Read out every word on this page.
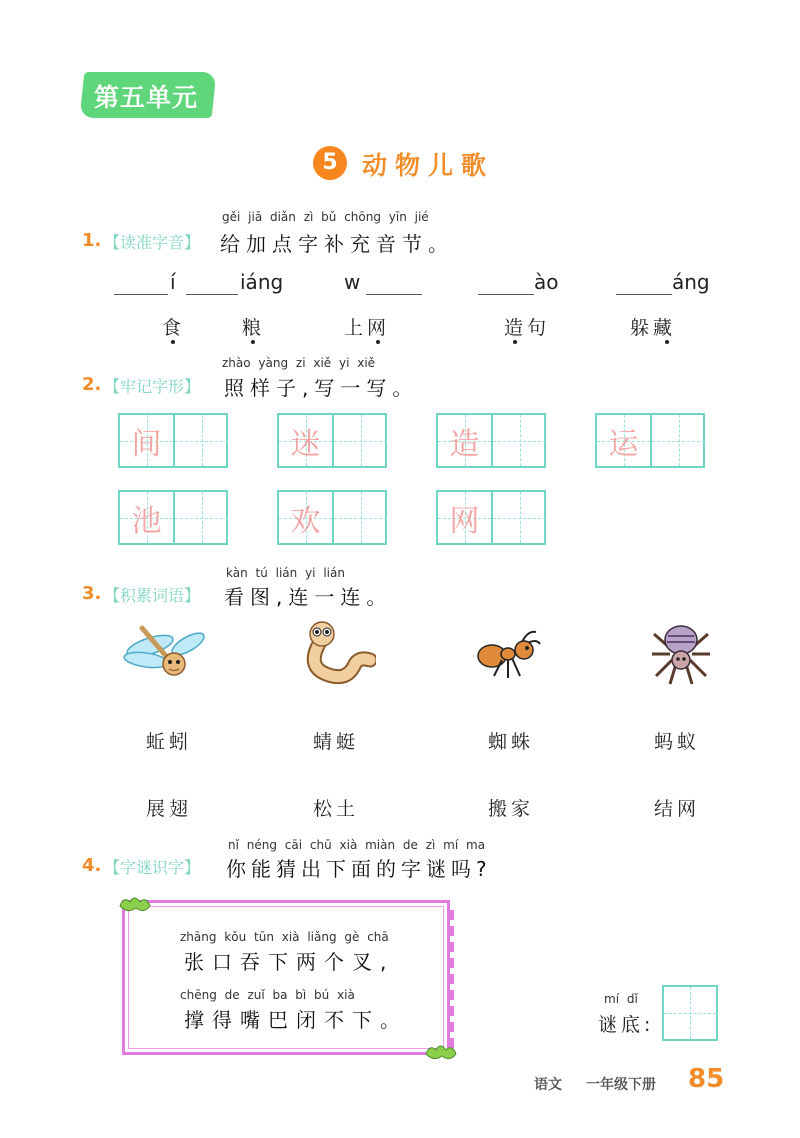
第五单元
5 动物儿歌
gěi jiā diǎn zì bǔ chōng yīn jié
1. 【读准字音】 给加点字补充音节。
í	iáng	w	ào	áng
食	粮	上网	造句	躲藏
zhào yàng zi xiě yi xiě
2. 【牢记字形】 照样子,写一写。
间	迷	造	运
池	欢	网
kàn tú lián yi lián
3. 【积累词语】 看图,连一连。
蚯蚓	蜻蜓	蜘蛛	蚂蚁
展翅	松土	搬家	结网
nǐ néng cāi chū xià miàn de zì mí ma
4. 【字谜识字】 你能猜出下面的字谜吗?
zhāng kǒu tūn xià liǎng gè chā
张口吞下两个叉,
chēng de zuǐ ba bì bú xià
撑得嘴巴闭不下。
mí dǐ
谜底:
语文 一年级下册 85
